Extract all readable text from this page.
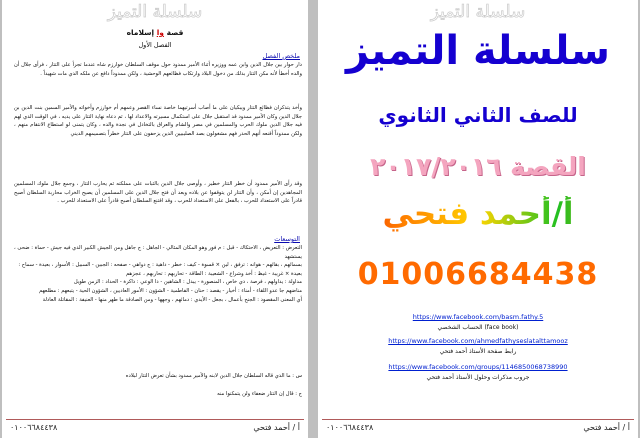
سلسلة التميز
قصة وا إسلاماه
الفصل الأول
ملخص الفصل
دار حوار بين جلال الدين وابن عمه ووزيره أثناء الأمير ممدود حول موقف السلطان خوارزم شاه عندما تجرأ على التتار ، فرأى جلال أن والده أخطأ لأنه مكن التتار بذلك من دخول البلاد وارتكاب فظائعهم الوحشية ، ولكن ممدوداً دافع عن ملكه الذي مات شهيداً .
وأخذ يتذكران فظائع التتار ويبكيان على ما أصاب أسرتيهما خاصة نساء القصر وعمهم أم خوارزم وأخواته والأمير السمين بنت الدين بن جلال الدين وكان الأمير ممدود قد استقبل جلال على استكمال مسيرته والاعداد لها ، ثم دعاه نهاية التتار على يديه ، في الوقت الذي لهم فيه جلال الدين ملوك الحرب والمسلمين في مصر والشام والعراق بالتخاذل في نجدة والده ، وكان يتمنى لو استطاع الانتقام منهم ، ولكن ممدوداً أقنعه أنهم الحذر فهم مشغولون بصد الصليبيين الذين يزحفون على التتار خطراً بتصميمهم الديني
وقد رأى الأمير ممدود أن خطر التتار خطير ، وأوصى جلال الدين بالثبات على مملكته ثم يحارب التتار ، وجمع جلال ملوك المسلمين المجاهدين إن أمكن ، وأن التتار لن يتوقفوا عن بلاده وبعد أن فتح جلال الدين على المسلمين أن يصيح الخراب محاربة السلطان أصبح قادراً على الاستعداد للحرب ، بالفعل على الاستعداد للحرب ، وقد اقتنع السلطان أصبح قادراً على الاستعداد للحرب .
التوسعات
التعرض : التعريض ، الاحتكاك - قبل : م فور وهو المكان المثالي - الجاهل : ج جاهل ومن الجيش الكبير الذي فيه جيش - حماة : ضحى ، يستشهد
بسمائهم ، بقائهم - هوانه : ترفق ، لين × قسوة - كيف : خطر - داهية : ج دواهي - صفحه : الجبين - السبيل : الأسوار ، بعيدة - سماح :
بعيدة × غريبة - غيظ : أخذ وشراع - الشعيبة : الطاقة - تحاربهم : تحاربهم ، عجزهم
مداولة : يداولهم ، فرصة ، ذي خاص ، المنصورة - يبذل : الشاهين - ذا الوعي : ذاكرة - الحداد : الزمن طويل
مناضهم جا عدو اللقاء - أمناء : أخيار - يقصد : حنان - الفاطمية - الشؤون : الأمور العاديين ، الشؤون الحية - يتبعهم : مطلعهم
أي المعنى المقصود : الجنح بأعمال ، بجعل - الأيدي : دمائهم ، وجهها - ومن الصادقة ما طهر منها - العنيفة : المقاتلة العادلة
س : ما الذي قاله السلطان جلال الدين لابنه والأمير ممدود بشأن تعرض التتار لبلاده
ج : قال إن التتار ضعفاء ولن يتمكنوا منه
٠١٠٠٦٦٨٤٤٣٨	أ / أحمد فتحي
سلسلة التميز
سلسلة التميز
للصف الثاني الثانوي
القصة ٢٠١٧/٢٠١٦
أ/أحمد فتحي
01006684438
https://www.facebook.com/basm.fathy.5
الحساب الشخصي (face book)
https://www.facebook.com/ahmedfathyseslatalttamooz
رابط صفحة الأستاذ أحمد فتحي
https://www.facebook.com/groups/1146850068738990
جروب مذكرات وحلول الأستاذ أحمد فتحي
٠١٠٠٦٦٨٤٤٣٨	أ / أحمد فتحي
